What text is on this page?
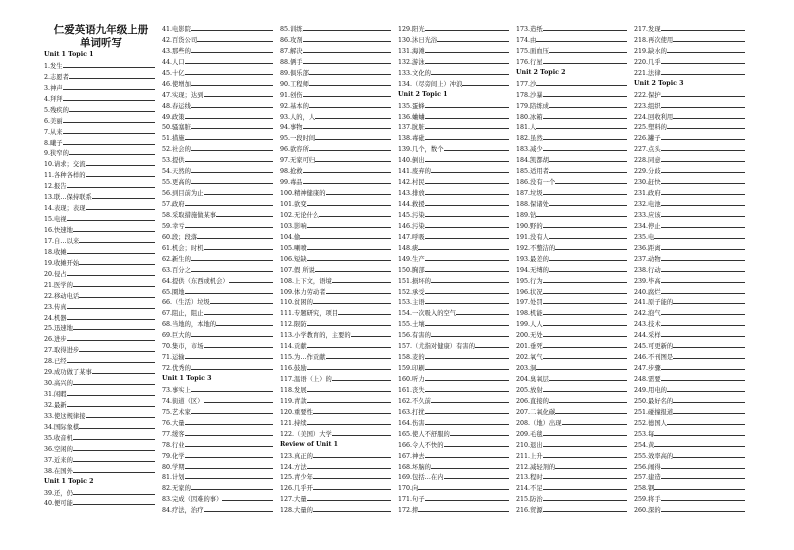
仁爱英语九年级上册
单词听写
Unit 1 Topic 1
1.发生
2.志愿者
3.神声
4.拜拜
5.残疾的
6.美丽
7.从来
8.曦子
9.狭窄的
10.请求；交流
11.各种各样的
12.报告
13.联…保持联系
14.表现；表现
15.电视
16.快速地
17.自…以来
18.收摊
19.收摊开始
20.侵占
21.医学的
22.移动电话
23.传真
24.机器
25.迅速地
26.进步
27.取得进步
28.已经
29.成功做了某事
30.高兴的
31.闲暇
32.最新
33.使这规律接
34.国际象棋
35.收音机
36.空闲的
37.近来的
38.在国外
Unit 1 Topic 2
39.还，仍
40.便可能
41.电影院
42.百货公司
43.那些的
44.人口
45.十亿
46.使增加
47.实现；达到
48.春运线
49.政策
50.骚塞脏
51.措施
52.社会的
53.提供
54.天然的
55.更高的
56.到目前为止
57.政府
58.采取措施做某事
59.幸亏
60.段；段落
61.机会；时机
62.新生的
63.百分之
64.提供（东西或机会）
65.圈地
66.（生活）垃圾
67.阻止，阻止
68.当地的，本地的
69.巨大的
70.集市，市场
71.运输
72.优秀的
Unit 1 Topic 3
73.事实上
74.街道（区）
75.艺术家
76.大量
77.缓客
78.行业
79.化学
80.学期
81.计划
82.无家的
83.完成（因难的事）
84.疗法，治疗
85.训练
86.攻剂
87.解决
88.俩手
89.俱乐部
90.工程师
91.创伤
92.基本的
93.人的，人
94.事物
95.一段时间
96.欲容所
97.无家可归
98.抢救
99.毒品
100.精神健康的
101.欲变
102.无论什么
103.影响
104.偷
105.喇喷
106.短缺
107.假 所说
108.上下文，语境
109.体力劳动者
110.贫困的
111.专题研究，项目
112.限防
113.小学教育的，主要的
114.贡献
115.为…作贡献
116.鼓励
117.温语（上）的
118.发展
119.青款
120.重要性
121.持续
122.（美国）大学
Review of Unit 1
123.真正的
124.方法
125.青少年
126.几乎开
127.大量
128.大量的
129.阳光
130.沐日光浴
131.海滩
132.游泳
133.文化的
134.（尽旁间上）冲浪
Unit 2 Topic 1
135.蛋蜂
136.蛐蛐
137.肮脏
138.毒砒
139.几个，数个
140.倒出
141.废弃的
142.村民
143.排放
144.救援
145.污染
146.污染
147.呼吸
148.痰
149.生产
150.胸部
151.损坏的
152.承受
153.主语
154.一次吸入的空气
155.土壤
156.有害的
157.（尤指对健康）有害的
158.麦的
159.印刷
160.听力
161.丧失
162.不久前
163.打扰
164.伤害
165.使人不舒服的
166.令人不快的
167.神去
168.坏脑的
169.包括…在内
170.向
171.句子
172.摔
173.造纸
174.由
175.面血压
176.行星
Unit 2 Topic 2
177.沙
178.沙暴
179.陪练成
180.冰箱
181.人
182.虽然
183.减少
184.凯都胡
185.适用者
186.没有一个
187.垃圾
188.保诸处
189.钻
190.野的
191.没有人
192.不整洁的
193.最差的
194.无缚的
195.行为
196.状况
197.处罚
198.机能
199.人人
200.无处
201.垂死
202.氧气
203.洞
204.臭氧层
205.放射
206.直接的
207.二氧化碳
208.（地）出现
209.毛毯
210.退出
211.上升
212.减轻剂的
213.程时
214.不足
215.防治
216.贸源
217.发现
218.再次使用
219.缺水的
220.几乎
221.法律
Unit 2 Topic 3
222.保护
223.组织
224.回收利用
225.塑料的
226.罐子
227.点头
228.同意
229.分歧
230.赶快
231.政府
232.电池
233.应该
234.停止
235.电
236.距离
237.动物
238.行动
239.毕高
240.腐烂
241.原子能的
242.泡气
243.技术
244.采样
245.可更新的
246.不刊图是
247.步骤
248.需要
249.用电的
250.最好名的
251.碰撞报道
252.德国人
253.每
254.黄
255.效率高的
256.闹得
257.建造
258.钢
259.将手
260.深的
